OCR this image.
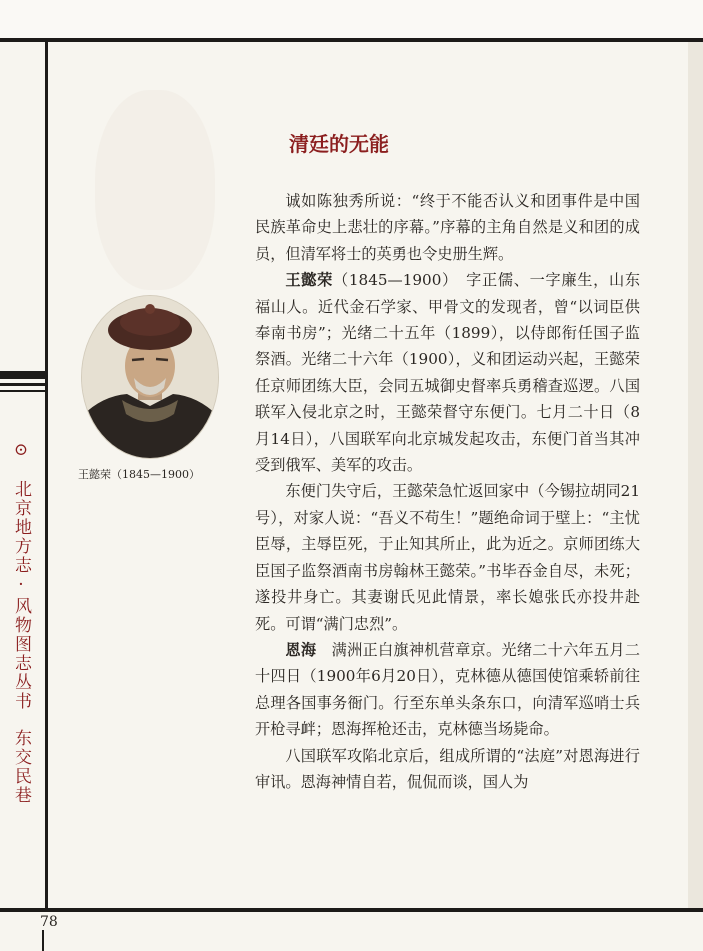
⊙北京地方志·风物图志丛书东交民巷
王懿荣（1845—1900）
清廷的无能

诚如陈独秀所说：“终于不能否认义和团事件是中国民族革命史上悲壮的序幕。”序幕的主角自然是义和团的成员，但清军将士的英勇也令史册生辉。

王懿荣（1845—1900）　字正儒、一字廉生，山东福山人。近代金石学家、甲骨文的发现者，曾“以词臣供奉南书房”；光绪二十五年（1899），以侍郎衔任国子监祭酒。光绪二十六年（1900），义和团运动兴起，王懿荣任京师团练大臣，会同五城御史督率兵勇稽查巡逻。八国联军入侵北京之时，王懿荣督守东便门。七月二十日（8月14日），八国联军向北京城发起攻击，东便门首当其冲受到俄军、美军的攻击。

东便门失守后，王懿荣急忙返回家中（今锡拉胡同21号），对家人说：“吾义不苟生！”题绝命词于壁上：“主忧臣辱，主辱臣死，于止知其所止，此为近之。京师团练大臣国子监祭酒南书房翰林王懿荣。”书毕吞金自尽，未死；遂投井身亡。其妻谢氏见此情景，率长媳张氏亦投井赴死。可谓“满门忠烈”。

恩海　满洲正白旗神机营章京。光绪二十六年五月二十四日（1900年6月20日），克林德从德国使馆乘轿前往总理各国事务衙门。行至东单头条东口，向清军巡哨士兵开枪寻衅；恩海挥枪还击，克林德当场毙命。

八国联军攻陷北京后，组成所谓的“法庭”对恩海进行审讯。恩海神情自若，侃侃而谈，国人为

78
